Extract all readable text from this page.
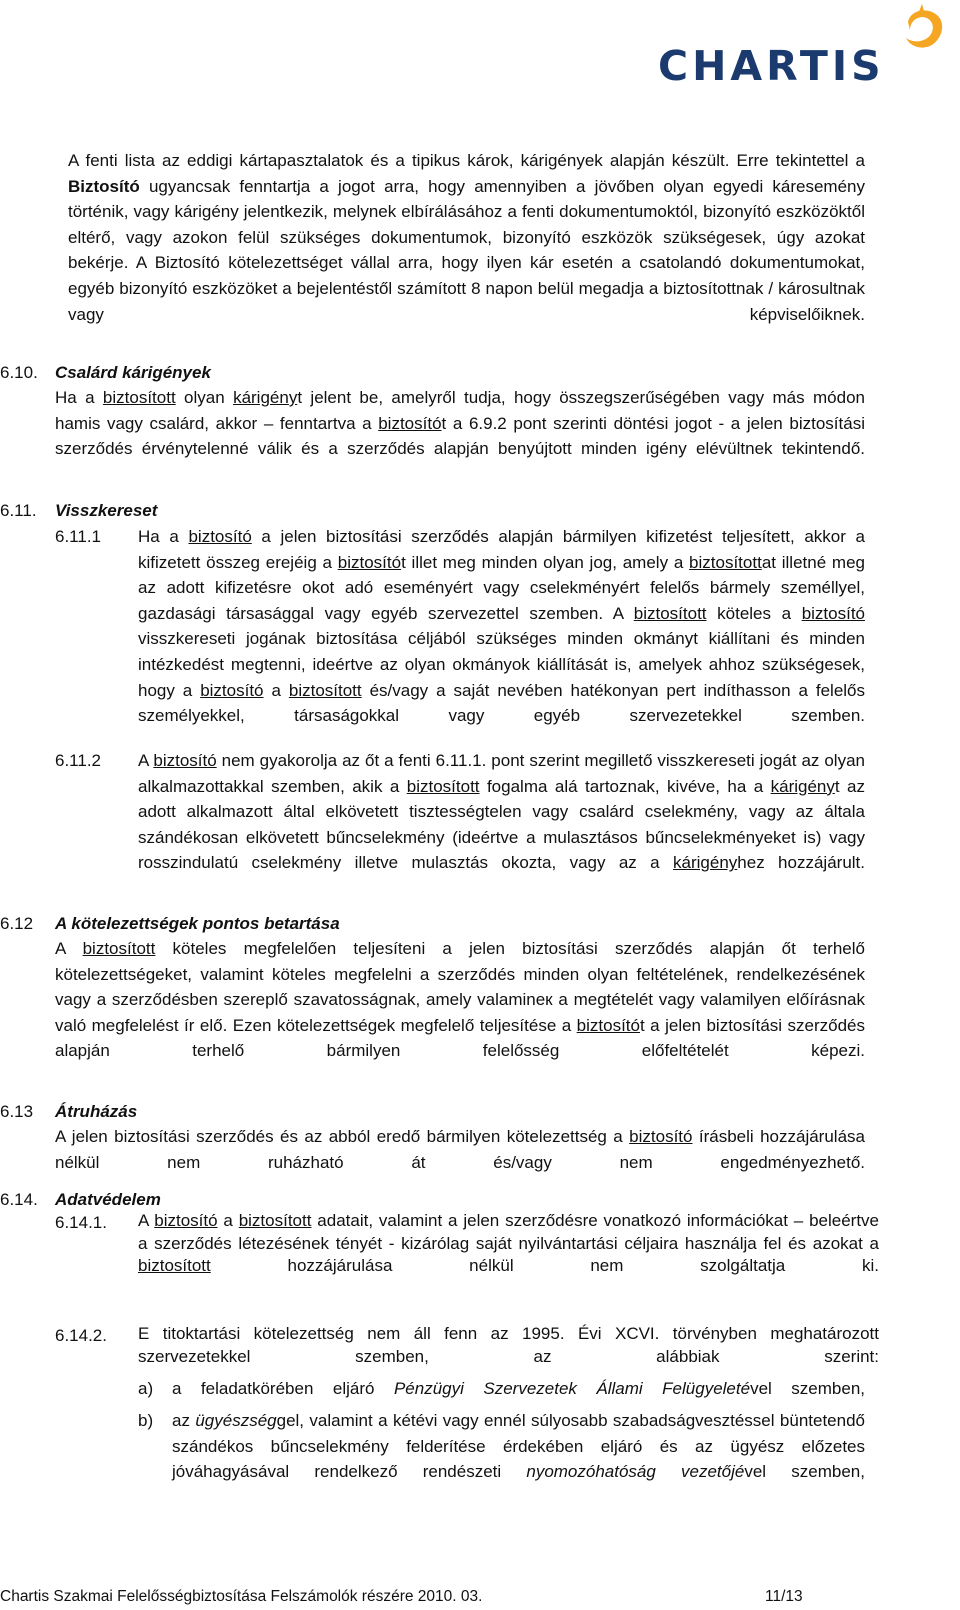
CHARTIS
A fenti lista az eddigi kártapasztalatok és a tipikus károk, kárigények alapján készült. Erre tekintettel a Biztosító ugyancsak fenntartja a jogot arra, hogy amennyiben a jövőben olyan egyedi káresemény történik, vagy kárigény jelentkezik, melynek elbírálásához a fenti dokumentumoktól, bizonyító eszközöktől eltérő, vagy azokon felül szükséges dokumentumok, bizonyító eszközök szükségesek, úgy azokat bekérje. A Biztosító kötelezettséget vállal arra, hogy ilyen kár esetén a csatolandó dokumentumokat, egyéb bizonyító eszközöket a bejelentéstől számított 8 napon belül megadja a biztosítottnak / károsultnak vagy képviselőiknek.
6.10. Csalárd kárigények
Ha a biztosított olyan kárigényt jelent be, amelyről tudja, hogy összegszerűségében vagy más módon hamis vagy csalárd, akkor – fenntartva a biztosítót a 6.9.2 pont szerinti döntési jogot - a jelen biztosítási szerződés érvénytelenné válik és a szerződés alapján benyújtott minden igény elévültnek tekintendő.
6.11. Visszkereset
6.11.1 Ha a biztosító a jelen biztosítási szerződés alapján bármilyen kifizetést teljesített, akkor a kifizetett összeg erejéig a biztosítót illet meg minden olyan jog, amely a biztosítottat illetné meg az adott kifizetésre okot adó eseményért vagy cselekményért felelős bármely személlyel, gazdasági társasággal vagy egyéb szervezettel szemben. A biztosított köteles a biztosító visszkereseti jogának biztosítása céljából szükséges minden okmányt kiállítani és minden intézkedést megtenni, ideértve az olyan okmányok kiállítását is, amelyek ahhoz szükségesek, hogy a biztosító a biztosított és/vagy a saját nevében hatékonyan pert indíthasson a felelős személyekkel, társaságokkal vagy egyéb szervezetekkel szemben.
6.11.2 A biztosító nem gyakorolja az őt a fenti 6.11.1. pont szerint megillető visszkereseti jogát az olyan alkalmazottakkal szemben, akik a biztosított fogalma alá tartoznak, kivéve, ha a kárigényt az adott alkalmazott által elkövetett tisztességtelen vagy csalárd cselekmény, vagy az általa szándékosan elkövetett bűncselekmény (ideértve a mulasztásos bűncselekményeket is) vagy rosszindulatú cselekmény illetve mulasztás okozta, vagy az a kárigényhez hozzájárult.
6.12 A kötelezettségek pontos betartása
A biztosított köteles megfelelően teljesíteni a jelen biztosítási szerződés alapján őt terhelő kötelezettségeket, valamint köteles megfelelni a szerződés minden olyan feltételének, rendelkezésének vagy a szerződésben szereplő szavatosságnak, amely valamineк a megtételét vagy valamilyen előírásnak való megfelelést ír elő. Ezen kötelezettségek megfelelő teljesítése a biztosítót a jelen biztosítási szerződés alapján terhelő bármilyen felelősség előfeltételét képezi.
6.13 Átruházás
A jelen biztosítási szerződés és az abból eredő bármilyen kötelezettség a biztosító írásbeli hozzájárulása nélkül nem ruházható át és/vagy nem engedményezhető.
6.14. Adatvédelem
6.14.1. A biztosító a biztosított adatait, valamint a jelen szerződésre vonatkozó információkat – beleértve a szerződés létezésének tényét - kizárólag saját nyilvántartási céljaira használja fel és azokat a biztosított hozzájárulása nélkül nem szolgáltatja ki.
6.14.2. E titoktartási kötelezettség nem áll fenn az 1995. Évi XCVI. törvényben meghatározott szervezetekkel szemben, az alábbiak szerint:
a) a feladatkörében eljáró Pénzügyi Szervezetek Állami Felügyeletével szemben,
b) az ügyészséggel, valamint a kétévi vagy ennél súlyosabb szabadságvesztéssel büntetendő szándékos bűncselekmény felderítése érdekében eljáró és az ügyész előzetes jóváhagyásával rendelkező rendészeti nyomozóhatóság vezetőjével szemben,
Chartis Szakmai Felelősségbiztosítása Felszámolók részére 2010. 03.	11/13
